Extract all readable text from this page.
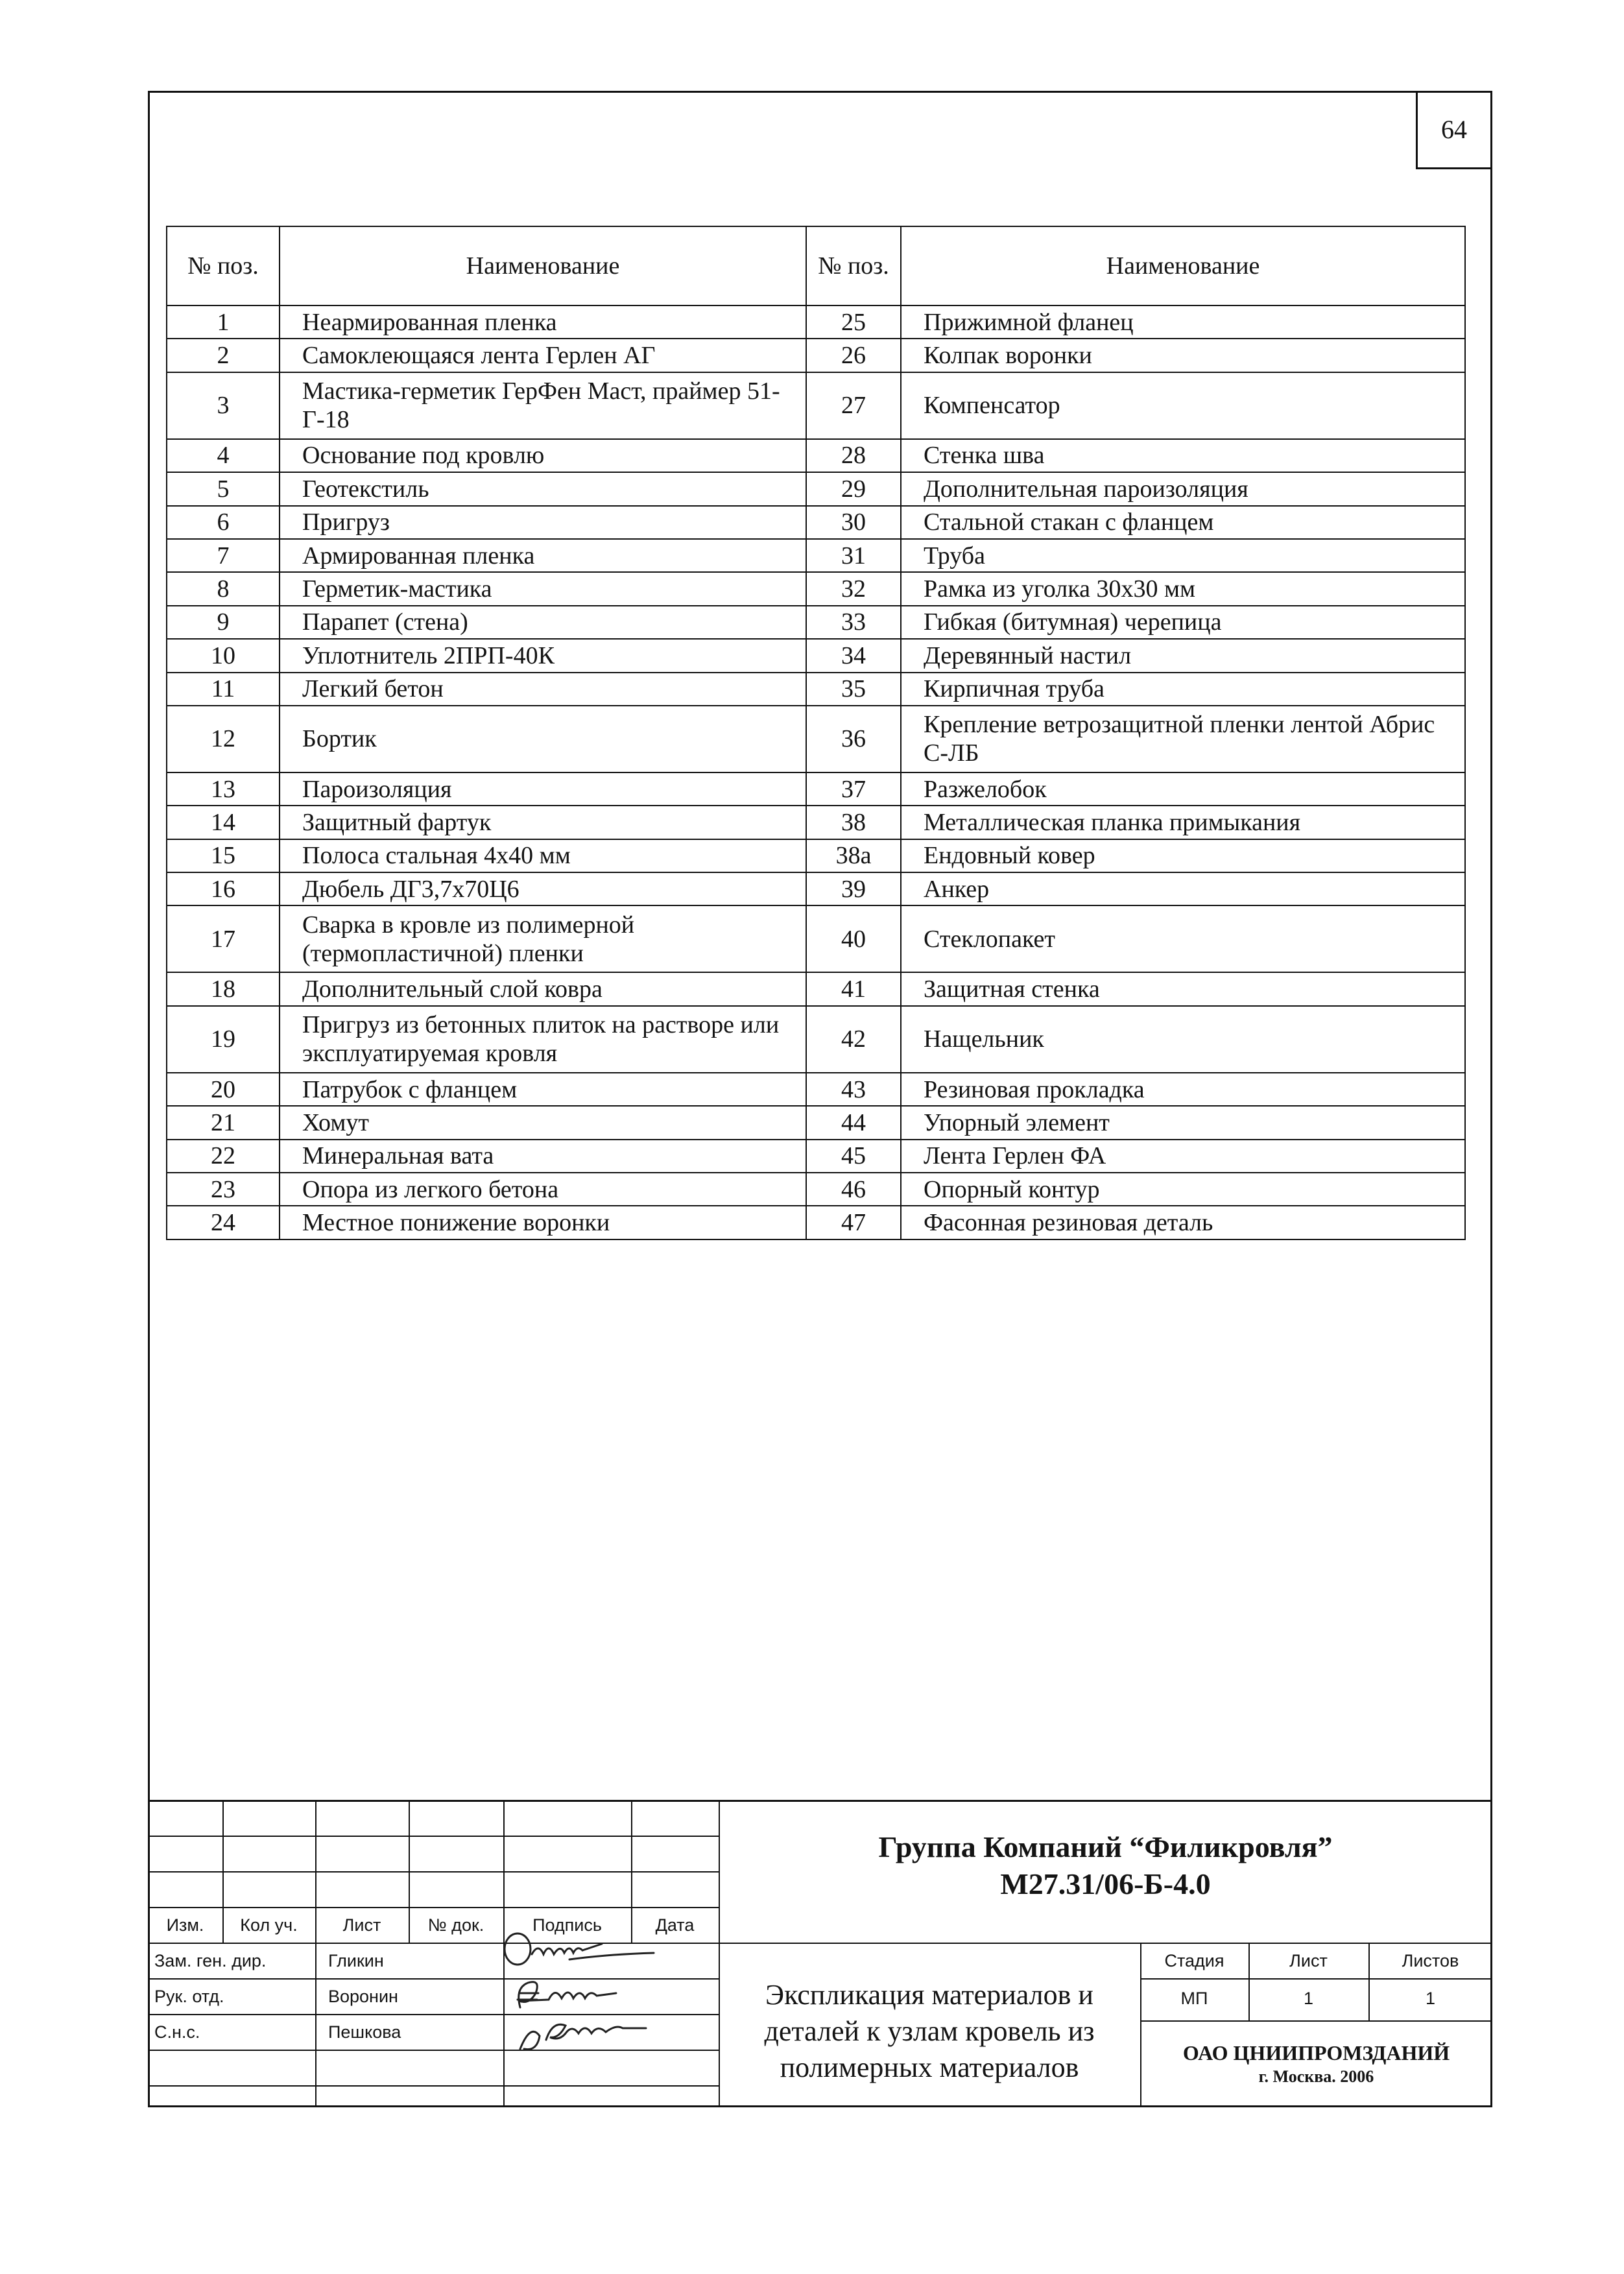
64
№ поз.	Наименование	№ поз.	Наименование
1	Неармированная пленка	25	Прижимной фланец
2	Самоклеющаяся лента Герлен АГ	26	Колпак воронки
3	Мастика-герметик ГерФен Маст, праймер 51-Г-18	27	Компенсатор
4	Основание под кровлю	28	Стенка шва
5	Геотекстиль	29	Дополнительная пароизоляция
6	Пригруз	30	Стальной стакан с фланцем
7	Армированная пленка	31	Труба
8	Герметик-мастика	32	Рамка из уголка 30х30 мм
9	Парапет (стена)	33	Гибкая (битумная) черепица
10	Уплотнитель 2ПРП-40К	34	Деревянный настил
11	Легкий бетон	35	Кирпичная труба
12	Бортик	36	Крепление ветрозащитной пленки лентой Абрис С-ЛБ
13	Пароизоляция	37	Разжелобок
14	Защитный фартук	38	Металлическая планка примыкания
15	Полоса стальная 4х40 мм	38а	Ендовный ковер
16	Дюбель ДГ3,7х70Ц6	39	Анкер
17	Сварка в кровле из полимерной (термопластичной) пленки	40	Стеклопакет
18	Дополнительный слой ковра	41	Защитная стенка
19	Пригруз из бетонных плиток на растворе или эксплуатируемая кровля	42	Нащельник
20	Патрубок с фланцем	43	Резиновая прокладка
21	Хомут	44	Упорный элемент
22	Минеральная вата	45	Лента Герлен ФА
23	Опора из легкого бетона	46	Опорный контур
24	Местное понижение воронки	47	Фасонная резиновая деталь
Изм.	Кол уч.	Лист	№ док.	Подпись	Дата
Зам. ген. дир.	Гликин
Рук. отд.	Воронин
С.н.с.	Пешкова
Группа Компаний “Филикровля”
М27.31/06-Б-4.0
Экспликация материалов и
деталей к узлам кровель из
полимерных материалов
Стадия	Лист	Листов
МП	1	1
ОАО ЦНИИПРОМЗДАНИЙ
г. Москва. 2006
